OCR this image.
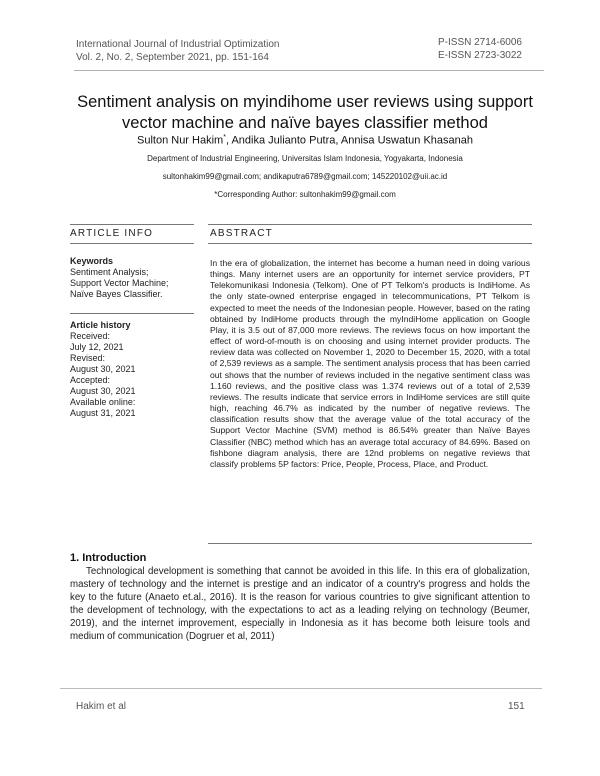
International Journal of Industrial Optimization
Vol. 2, No. 2, September 2021, pp. 151-164
P-ISSN 2714-6006
E-ISSN 2723-3022
Sentiment analysis on myindihome user reviews using support
vector machine and naïve bayes classifier method
Sulton Nur Hakim*, Andika Julianto Putra, Annisa Uswatun Khasanah
Department of Industrial Engineering, Universitas Islam Indonesia, Yogyakarta, Indonesia
sultonhakim99@gmail.com; andikaputra6789@gmail.com; 145220102@uii.ac.id
*Corresponding Author: sultonhakim99@gmail.com
ARTICLE INFO	ABSTRACT
Keywords
Sentiment Analysis;
Support Vector Machine;
Naïve Bayes Classifier.
Article history
Received:
July 12, 2021
Revised:
August 30, 2021
Accepted:
August 30, 2021
Available online:
August 31, 2021
In the era of globalization, the internet has become a human need in doing various things. Many internet users are an opportunity for internet service providers, PT Telekomunikasi Indonesia (Telkom). One of PT Telkom's products is IndiHome. As the only state-owned enterprise engaged in telecommunications, PT Telkom is expected to meet the needs of the Indonesian people. However, based on the rating obtained by IndiHome products through the myIndiHome application on Google Play, it is 3.5 out of 87,000 more reviews. The reviews focus on how important the effect of word-of-mouth is on choosing and using internet provider products. The review data was collected on November 1, 2020 to December 15, 2020, with a total of 2,539 reviews as a sample. The sentiment analysis process that has been carried out shows that the number of reviews included in the negative sentiment class was 1.160 reviews, and the positive class was 1.374 reviews out of a total of 2,539 reviews. The results indicate that service errors in IndiHome services are still quite high, reaching 46.7% as indicated by the number of negative reviews. The classification results show that the average value of the total accuracy of the Support Vector Machine (SVM) method is 86.54% greater than Naïve Bayes Classifier (NBC) method which has an average total accuracy of 84.69%. Based on fishbone diagram analysis, there are 12nd problems on negative reviews that classify problems 5P factors: Price, People, Process, Place, and Product.
1. Introduction
Technological development is something that cannot be avoided in this life. In this era of globalization, mastery of technology and the internet is prestige and an indicator of a country's progress and holds the key to the future (Anaeto et.al., 2016). It is the reason for various countries to give significant attention to the development of technology, with the expectations to act as a leading relying on technology (Beumer, 2019), and the internet improvement, especially in Indonesia as it has become both leisure tools and medium of communication (Dogruer et al, 2011)
Hakim et al	151
